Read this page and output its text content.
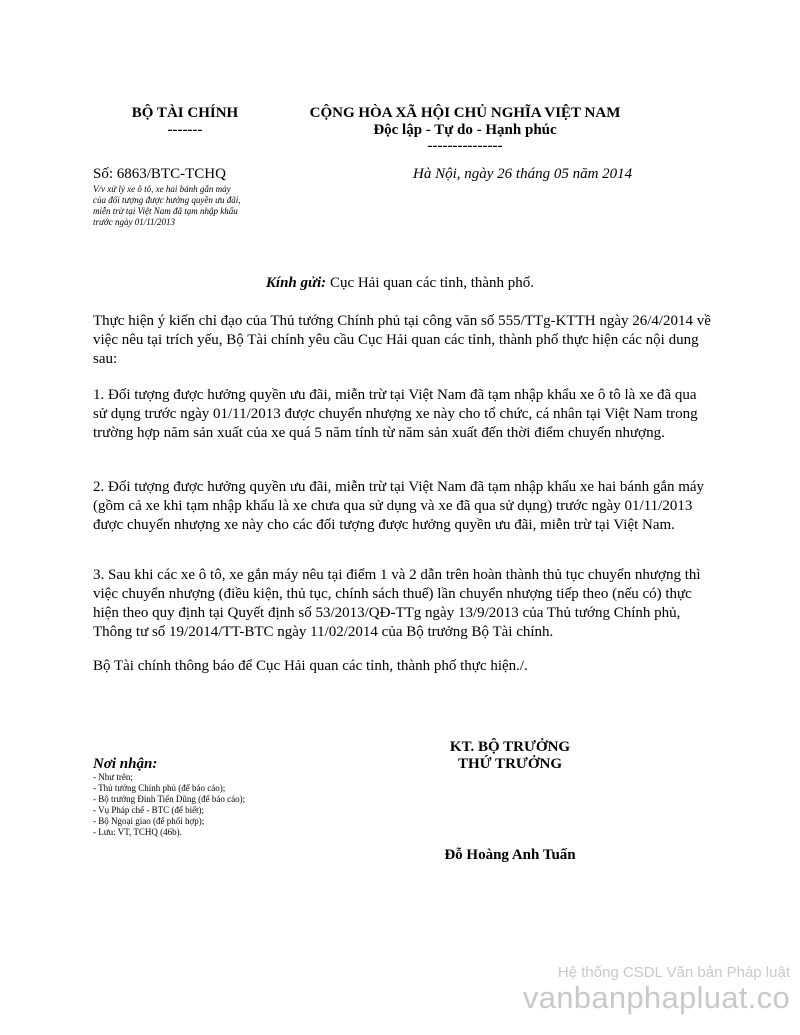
BỘ TÀI CHÍNH
-------
CỘNG HÒA XÃ HỘI CHỦ NGHĨA VIỆT NAM
Độc lập - Tự do - Hạnh phúc
---------------
Số: 6863/BTC-TCHQ
V/v xử lý xe ô tô, xe hai bánh gắn máy
của đối tượng được hưởng quyền ưu đãi,
miễn trừ tại Việt Nam đã tạm nhập khẩu
trước ngày 01/11/2013
Hà Nội, ngày 26 tháng 05 năm 2014
Kính gửi: Cục Hải quan các tỉnh, thành phố.
Thực hiện ý kiến chỉ đạo của Thủ tướng Chính phủ tại công văn số 555/TTg-KTTH ngày 26/4/2014 về việc nêu tại trích yếu, Bộ Tài chính yêu cầu Cục Hải quan các tỉnh, thành phố thực hiện các nội dung sau:
1. Đối tượng được hưởng quyền ưu đãi, miễn trừ tại Việt Nam đã tạm nhập khẩu xe ô tô là xe đã qua sử dụng trước ngày 01/11/2013 được chuyển nhượng xe này cho tổ chức, cá nhân tại Việt Nam trong trường hợp năm sản xuất của xe quá 5 năm tính từ năm sản xuất đến thời điểm chuyển nhượng.
2. Đối tượng được hưởng quyền ưu đãi, miễn trừ tại Việt Nam đã tạm nhập khẩu xe hai bánh gắn máy (gồm cả xe khi tạm nhập khẩu là xe chưa qua sử dụng và xe đã qua sử dụng) trước ngày 01/11/2013 được chuyển nhượng xe này cho các đối tượng được hưởng quyền ưu đãi, miễn trừ tại Việt Nam.
3. Sau khi các xe ô tô, xe gắn máy nêu tại điểm 1 và 2 dẫn trên hoàn thành thủ tục chuyển nhượng thì việc chuyển nhượng (điều kiện, thủ tục, chính sách thuế) lần chuyển nhượng tiếp theo (nếu có) thực hiện theo quy định tại Quyết định số 53/2013/QĐ-TTg ngày 13/9/2013 của Thủ tướng Chính phủ, Thông tư số 19/2014/TT-BTC ngày 11/02/2014 của Bộ trưởng Bộ Tài chính.
Bộ Tài chính thông báo để Cục Hải quan các tỉnh, thành phố thực hiện./.
KT. BỘ TRƯỞNG
THỨ TRƯỞNG
Đỗ Hoàng Anh Tuấn
Nơi nhận:
- Như trên;
- Thủ tướng Chính phủ (để báo cáo);
- Bộ trưởng Đinh Tiến Dũng (để báo cáo);
- Vụ Pháp chế - BTC (để biết);
- Bộ Ngoại giao (để phối hợp);
- Lưu: VT, TCHQ (46b).
Hệ thống CSDL Văn bản Pháp luật
vanbanphapluat.co
